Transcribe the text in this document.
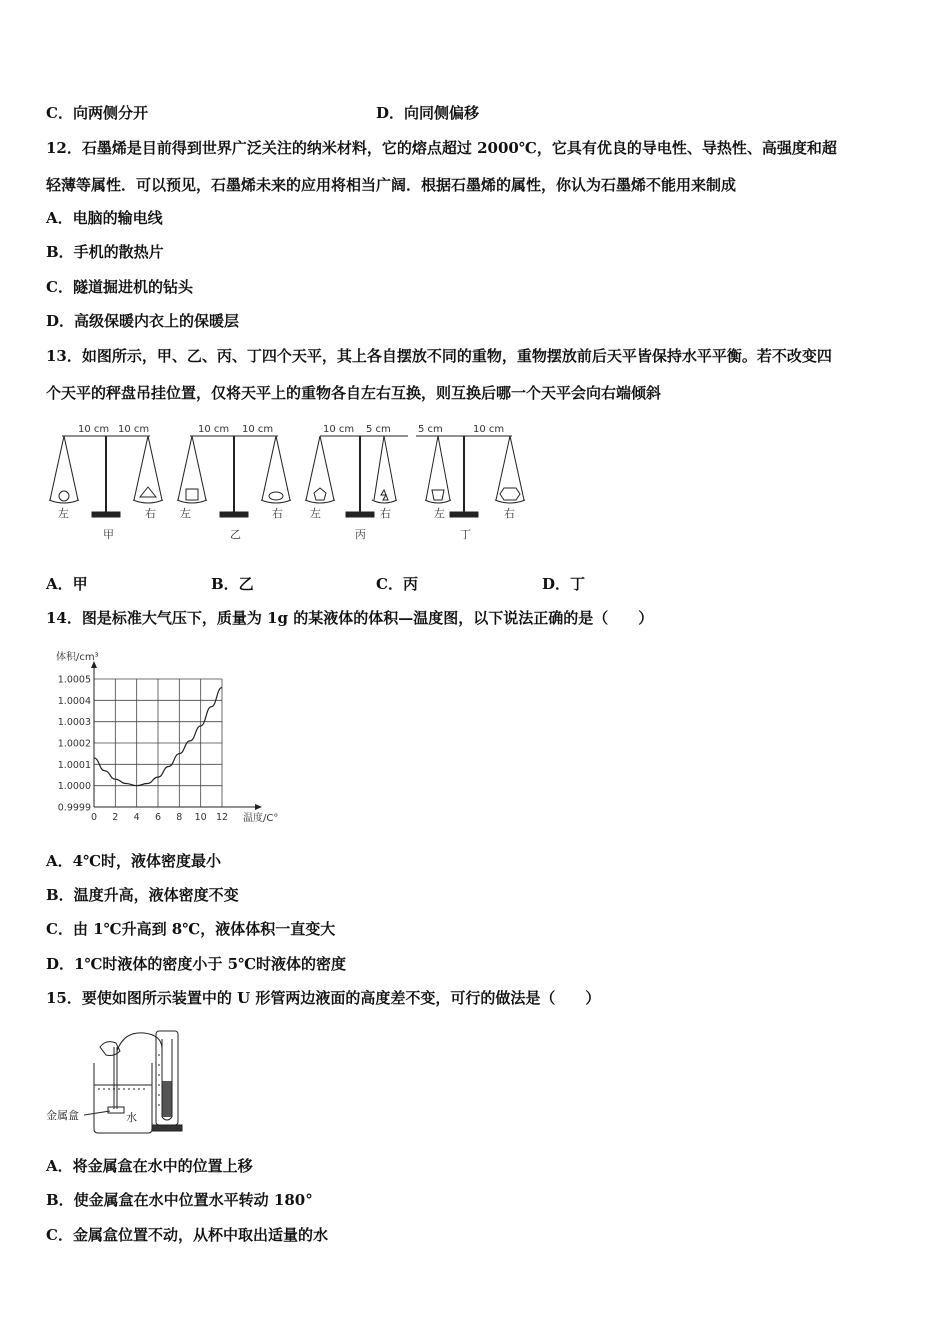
C．向两侧分开	D．向同侧偏移
12．石墨烯是目前得到世界广泛关注的纳米材料，它的熔点超过 2000℃，它具有优良的导电性、导热性、高强度和超
轻薄等属性．可以预见，石墨烯未来的应用将相当广阔．根据石墨烯的属性，你认为石墨烯不能用来制成
A．电脑的输电线
B．手机的散热片
C．隧道掘进机的钻头
D．高级保暖内衣上的保暖层
13．如图所示，甲、乙、丙、丁四个天平，其上各自摆放不同的重物，重物摆放前后天平皆保持水平平衡。若不改变四
个天平的秤盘吊挂位置，仅将天平上的重物各自左右互换，则互换后哪一个天平会向右端倾斜
10 cm 10 cm
左	右
甲
10 cm 10 cm
左	右
乙
10 cm 5 cm
左	右
丙
5 cm	10 cm
左	右
丁
A．甲	B．乙	C．丙	D．丁
14．图是标准大气压下，质量为 1g 的某液体的体积—温度图，以下说法正确的是（　　）
0 2 4 6 8 10 12
0.9999
1.0000
1.0001
1.0002
1.0003
1.0004
1.0005
体积/cm³
温度/C°
A．4℃时，液体密度最小
B．温度升高，液体密度不变
C．由 1℃升高到 8℃，液体体积一直变大
D．1℃时液体的密度小于 5℃时液体的密度
15．要使如图所示装置中的 U 形管两边液面的高度差不变，可行的做法是（　　）
金属盒	水
A．将金属盒在水中的位置上移
B．使金属盒在水中位置水平转动 180°
C．金属盒位置不动，从杯中取出适量的水
